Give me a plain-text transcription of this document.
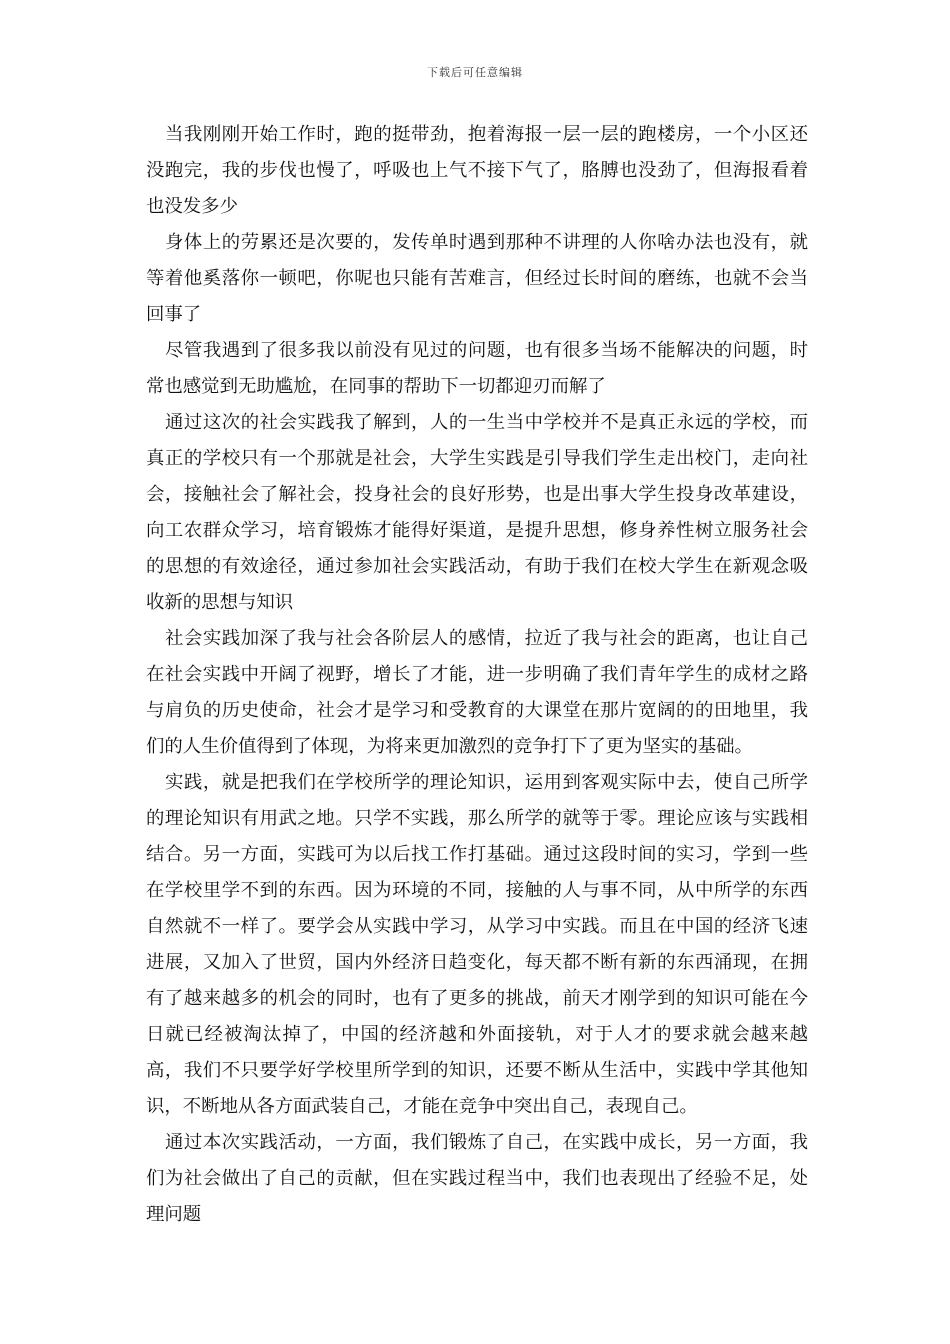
下载后可任意编辑

当我刚刚开始工作时，跑的挺带劲，抱着海报一层一层的跑楼房，一个小区还没跑完，我的步伐也慢了，呼吸也上气不接下气了，胳膊也没劲了，但海报看着也没发多少

身体上的劳累还是次要的，发传单时遇到那种不讲理的人你啥办法也没有，就等着他奚落你一顿吧，你呢也只能有苦难言，但经过长时间的磨练，也就不会当回事了

尽管我遇到了很多我以前没有见过的问题，也有很多当场不能解决的问题，时常也感觉到无助尴尬，在同事的帮助下一切都迎刃而解了

通过这次的社会实践我了解到，人的一生当中学校并不是真正永远的学校，而真正的学校只有一个那就是社会，大学生实践是引导我们学生走出校门，走向社会，接触社会了解社会，投身社会的良好形势，也是出事大学生投身改革建设，向工农群众学习，培育锻炼才能得好渠道，是提升思想，修身养性树立服务社会的思想的有效途径，通过参加社会实践活动，有助于我们在校大学生在新观念吸收新的思想与知识

社会实践加深了我与社会各阶层人的感情，拉近了我与社会的距离，也让自己在社会实践中开阔了视野，增长了才能，进一步明确了我们青年学生的成材之路与肩负的历史使命，社会才是学习和受教育的大课堂在那片宽阔的的田地里，我们的人生价值得到了体现，为将来更加激烈的竞争打下了更为坚实的基础。

实践，就是把我们在学校所学的理论知识，运用到客观实际中去，使自己所学的理论知识有用武之地。只学不实践，那么所学的就等于零。理论应该与实践相结合。另一方面，实践可为以后找工作打基础。通过这段时间的实习，学到一些在学校里学不到的东西。因为环境的不同，接触的人与事不同，从中所学的东西自然就不一样了。要学会从实践中学习，从学习中实践。而且在中国的经济飞速进展，又加入了世贸，国内外经济日趋变化，每天都不断有新的东西涌现，在拥有了越来越多的机会的同时，也有了更多的挑战，前天才刚学到的知识可能在今日就已经被淘汰掉了，中国的经济越和外面接轨，对于人才的要求就会越来越高，我们不只要学好学校里所学到的知识，还要不断从生活中，实践中学其他知识，不断地从各方面武装自己，才能在竞争中突出自己，表现自己。

通过本次实践活动，一方面，我们锻炼了自己，在实践中成长，另一方面，我们为社会做出了自己的贡献，但在实践过程当中，我们也表现出了经验不足，处理问题
